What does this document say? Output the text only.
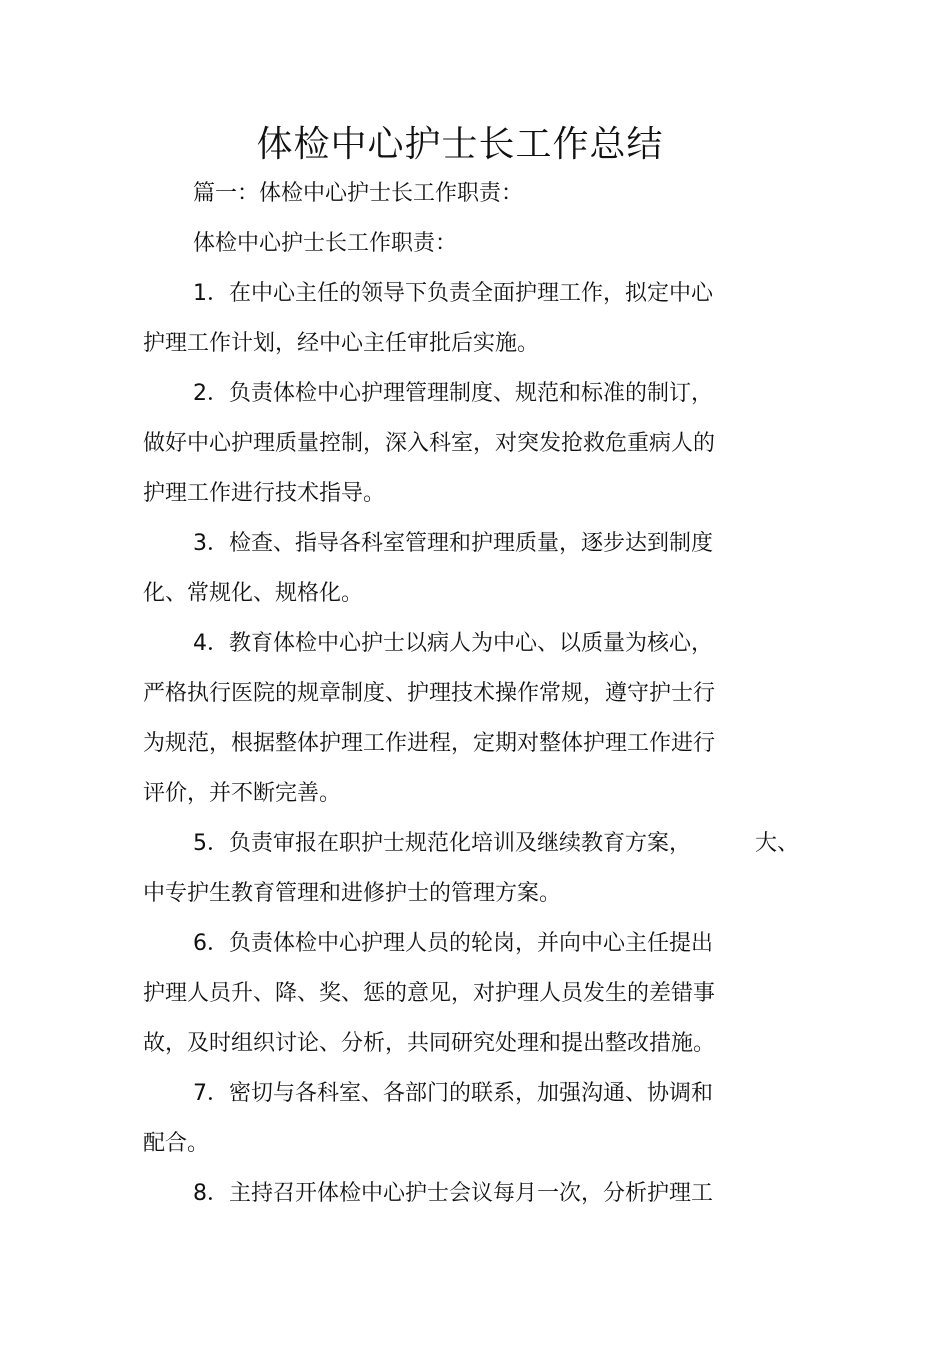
体检中心护士长工作总结
篇一：体检中心护士长工作职责：
体检中心护士长工作职责：
1．在中心主任的领导下负责全面护理工作，拟定中心
护理工作计划，经中心主任审批后实施。
2．负责体检中心护理管理制度、规范和标准的制订，
做好中心护理质量控制，深入科室，对突发抢救危重病人的
护理工作进行技术指导。
3．检查、指导各科室管理和护理质量，逐步达到制度
化、常规化、规格化。
4．教育体检中心护士以病人为中心、以质量为核心，
严格执行医院的规章制度、护理技术操作常规，遵守护士行
为规范，根据整体护理工作进程，定期对整体护理工作进行
评价，并不断完善。
5．负责审报在职护士规范化培训及继续教育方案，	大、
中专护生教育管理和进修护士的管理方案。
6．负责体检中心护理人员的轮岗，并向中心主任提出
护理人员升、降、奖、惩的意见，对护理人员发生的差错事
故，及时组织讨论、分析，共同研究处理和提出整改措施。
7．密切与各科室、各部门的联系，加强沟通、协调和
配合。
8．主持召开体检中心护士会议每月一次，分析护理工
